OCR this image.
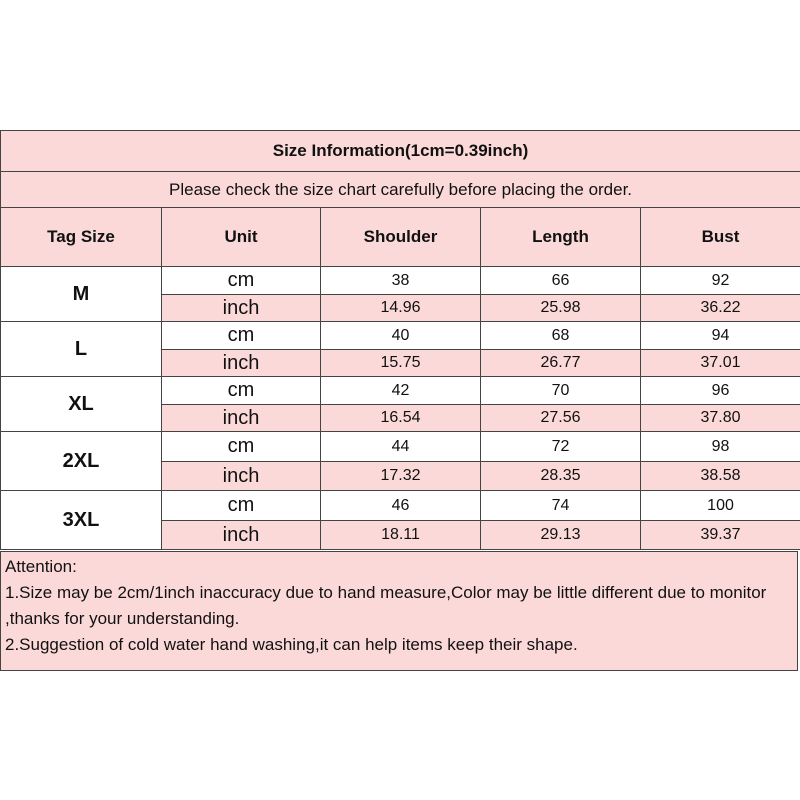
Size Information(1cm=0.39inch)				
Please check the size chart carefully before placing the order.				
Tag Size	Unit	Shoulder	Length	Bust
M	cm	38	66	92
	inch	14.96	25.98	36.22
L	cm	40	68	94
	inch	15.75	26.77	37.01
XL	cm	42	70	96
	inch	16.54	27.56	37.80
2XL	cm	44	72	98
	inch	17.32	28.35	38.58
3XL	cm	46	74	100
	inch	18.11	29.13	39.37
Attention:
1.Size may be 2cm/1inch inaccuracy due to hand measure,Color may be little different due to monitor ,thanks for your understanding.
2.Suggestion of cold water hand washing,it can help items keep their shape.
